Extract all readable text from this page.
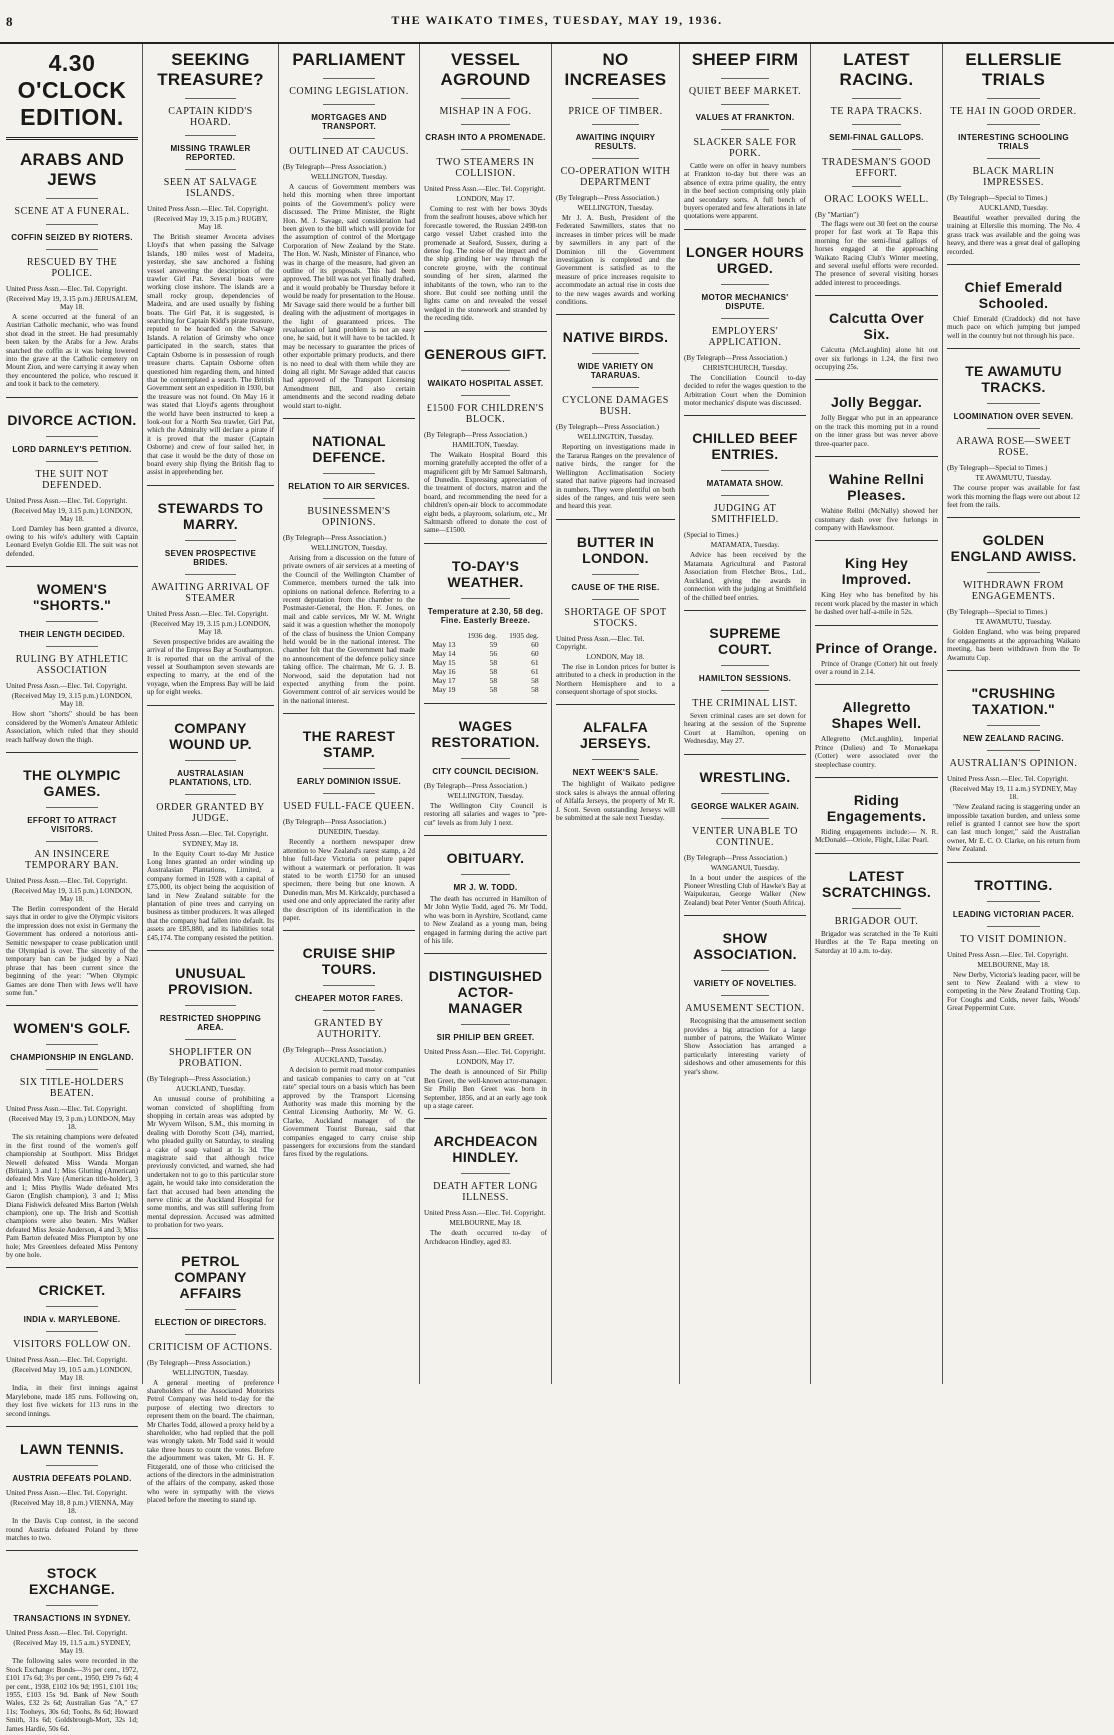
8	THE WAIKATO TIMES, TUESDAY, MAY 19, 1936.
4.30 O'CLOCK EDITION.
ARABS AND JEWS
SCENE AT A FUNERAL.
COFFIN SEIZED BY RIOTERS.
RESCUED BY THE POLICE.
United Press Assn.—Elec. Tel. Copyright.
(Received May 19, 3.15 p.m.) JERUSALEM, May 18.

A scene occurred at the funeral of an Austrian Catholic mechanic, who was found shot dead in the street. He had presumably been taken by the Arabs for a Jew. Arabs snatched the coffin as it was being lowered into the grave at the Catholic cemetery on Mount Zion, and were carrying it away when they encountered the police, who rescued it and took it back to the cemetery.

DIVORCE ACTION.
LORD DARNLEY'S PETITION.
THE SUIT NOT DEFENDED.
United Press Assn.—Elec. Tel. Copyright.
(Received May 19, 3.15 p.m.) LONDON, May 18.

Lord Darnley has been granted a divorce, owing to his wife's adultery with Captain Leonard Evelyn Goldie Ell. The suit was not defended.

WOMEN'S "SHORTS."
THEIR LENGTH DECIDED.
RULING BY ATHLETIC ASSOCIATION
United Press Assn.—Elec. Tel. Copyright.
(Received May 19, 3.15 p.m.) LONDON, May 18.

How short "shorts" should be has been considered by the Women's Amateur Athletic Association, which ruled that they should reach halfway down the thigh.

THE OLYMPIC GAMES.
EFFORT TO ATTRACT VISITORS.
AN INSINCERE TEMPORARY BAN.
United Press Assn.—Elec. Tel. Copyright.
(Received May 19, 3.15 p.m.) LONDON, May 18.

The Berlin correspondent of the Herald says that in order to give the Olympic visitors the impression does not exist in Germany the Government has ordered a notorious anti-Semitic newspaper to cease publication until the Olympiad is over. The sincerity of the temporary ban can be judged by a Nazi phrase that has been current since the beginning of the year: "When Olympic Games are done Then with Jews we'll have some fun."

WOMEN'S GOLF.
CHAMPIONSHIP IN ENGLAND.
SIX TITLE-HOLDERS BEATEN.
United Press Assn.—Elec. Tel. Copyright.
(Received May 19, 3 p.m.) LONDON, May 18.

The six retaining champions were defeated in the first round of the women's golf championship at Southport. Miss Bridget Newell defeated Miss Wanda Morgan (Britain), 3 and 1; Miss Glutting (American) defeated Mrs Vare (American title-holder), 3 and 1; Miss Phyllis Wade defeated Mrs Garon (English champion), 3 and 1; Miss Diana Fishwick defeated Miss Barton (Welsh champion), one up. The Irish and Scottish champions were also beaten. Mrs Walker defeated Miss Jessie Anderson, 4 and 3; Miss Pam Barton defeated Miss Plumpton by one hole; Mrs Greenlees defeated Miss Pentony by one hole.

CRICKET.
INDIA v. MARYLEBONE.
VISITORS FOLLOW ON.
United Press Assn.—Elec. Tel. Copyright.
(Received May 19, 10.5 a.m.) LONDON, May 18.

India, in their first innings against Marylebone, made 185 runs. Following on, they lost five wickets for 113 runs in the second innings.

LAWN TENNIS.
AUSTRIA DEFEATS POLAND.
United Press Assn.—Elec. Tel. Copyright.
(Received May 18, 8 p.m.) VIENNA, May 18.

In the Davis Cup contest, in the second round Austria defeated Poland by three matches to two.

STOCK EXCHANGE.
TRANSACTIONS IN SYDNEY.
United Press Assn.—Elec. Tel. Copyright.
(Received May 19, 11.5 a.m.) SYDNEY, May 19.

The following sales were recorded in the Stock Exchange: Bonds—3½ per cent., 1972, £101 17s 6d; 3½ per cent., 1950, £99 7s 6d; 4 per cent., 1938, £102 10s 9d; 1951, £101 10s; 1955, £103 15s 9d. Bank of New South Wales, £32 2s 6d; Australian Gas "A," £7 11s; Tooheys, 30s 6d; Toohs, 8s 6d; Howard Smith, 31s 6d; Goldsbrough-Mort, 32s 1d; James Hardie, 50s 6d.

SEEKING TREASURE?
CAPTAIN KIDD'S HOARD.
MISSING TRAWLER REPORTED.
SEEN AT SALVAGE ISLANDS.
United Press Assn.—Elec. Tel. Copyright.
(Received May 19, 3.15 p.m.) RUGBY, May 18.

The British steamer Avoceta advises Lloyd's that when passing the Salvage Islands, 180 miles west of Madeira, yesterday, she saw anchored a fishing vessel answering the description of the trawler Girl Pat. Several boats were working close inshore. The islands are a small rocky group, dependencies of Madeira, and are used usually by fishing boats. The Girl Pat, it is suggested, is searching for Captain Kidd's pirate treasure, reputed to be hoarded on the Salvage Islands. A relation of Grimsby who once participated in the search, states that Captain Osborne is in possession of rough treasure charts. Captain Osborne often questioned him regarding them, and hinted that he contemplated a search. The British Government sent an expedition in 1930, but the treasure was not found. On May 16 it was stated that Lloyd's agents throughout the world have been instructed to keep a look-out for a North Sea trawler, Girl Pat, which the Admiralty will declare a pirate if it is proved that the master (Captain Osborne) and crew of four sailed her, in that case it would be the duty of those on board every ship flying the British flag to assist in apprehending her.

STEWARDS TO MARRY.
SEVEN PROSPECTIVE BRIDES.
AWAITING ARRIVAL OF STEAMER
United Press Assn.—Elec. Tel. Copyright.
(Received May 19, 3.15 p.m.) LONDON, May 18.

Seven prospective brides are awaiting the arrival of the Empress Bay at Southampton. It is reported that on the arrival of the vessel at Southampton seven stewards are expecting to marry, at the end of the voyage, when the Empress Bay will be laid up for eight weeks.

COMPANY WOUND UP.
AUSTRALASIAN PLANTATIONS, LTD.
ORDER GRANTED BY JUDGE.
United Press Assn.—Elec. Tel. Copyright.
SYDNEY, May 18.

In the Equity Court to-day Mr Justice Long Innes granted an order winding up Australasian Plantations, Limited, a company formed in 1928 with a capital of £75,000, its object being the acquisition of land in New Zealand suitable for the plantation of pine trees and carrying on business as timber producers. It was alleged that the company had fallen into default. Its assets are £85,880, and its liabilities total £45,174. The company resisted the petition.

UNUSUAL PROVISION.
RESTRICTED SHOPPING AREA.
SHOPLIFTER ON PROBATION.
(By Telegraph—Press Association.)
AUCKLAND, Tuesday.

An unusual course of prohibiting a woman convicted of shoplifting from shopping in certain areas was adopted by Mr Wyvern Wilson, S.M., this morning in dealing with Dorothy Scott (34), married, who pleaded guilty on Saturday, to stealing a cake of soap valued at 1s 3d. The magistrate said that although twice previously convicted, and warned, she had undertaken not to go to this particular store again, he would take into consideration the fact that accused had been attending the nerve clinic at the Auckland Hospital for some months, and was still suffering from mental depression. Accused was admitted to probation for two years.

PETROL COMPANY AFFAIRS
ELECTION OF DIRECTORS.
CRITICISM OF ACTIONS.
(By Telegraph—Press Association.)
WELLINGTON, Tuesday.

A general meeting of preference shareholders of the Associated Motorists Petrol Company was held to-day for the purpose of electing two directors to represent them on the board. The chairman, Mr Charles Todd, allowed a proxy held by a shareholder, who had replied that the poll was wrongly taken. Mr Todd said it would take three hours to count the votes. Before the adjournment was taken, Mr G. H. F. Fitzgerald, one of those who criticised the actions of the directors in the administration of the affairs of the company, asked those who were in sympathy with the views placed before the meeting to stand up.

PARLIAMENT
COMING LEGISLATION.
MORTGAGES AND TRANSPORT.
OUTLINED AT CAUCUS.
(By Telegraph—Press Association.)
WELLINGTON, Tuesday.

A caucus of Government members was held this morning when three important points of the Government's policy were discussed. The Prime Minister, the Right Hon. M. J. Savage, said consideration had been given to the bill which will provide for the assumption of control of the Mortgage Corporation of New Zealand by the State. The Hon. W. Nash, Minister of Finance, who was in charge of the measure, had given an outline of its proposals. This had been approved. The bill was not yet finally drafted, and it would probably be Thursday before it would be ready for presentation to the House. Mr Savage said there would be a further bill dealing with the adjustment of mortgages in the light of guaranteed prices. The revaluation of land problem is not an easy one, he said, but it will have to be tackled. It may be necessary to guarantee the prices of other exportable primary products, and there is no need to deal with them while they are doing all right. Mr Savage added that caucus had approved of the Transport Licensing Amendment Bill, and also certain amendments and the second reading debate would start to-night.

NATIONAL DEFENCE.
RELATION TO AIR SERVICES.
BUSINESSMEN'S OPINIONS.
(By Telegraph—Press Association.)
WELLINGTON, Tuesday.

Arising from a discussion on the future of private owners of air services at a meeting of the Council of the Wellington Chamber of Commerce, members turned the talk into opinions on national defence. Referring to a recent deputation from the chamber to the Postmaster-General, the Hon. F. Jones, on mail and cable services, Mr W. M. Wright said it was a question whether the monopoly of the class of business the Union Company held would be in the national interest. The chamber felt that the Government had made no announcement of the defence policy since taking office. The chairman, Mr G. J. B. Norwood, said the deputation had not expected anything from the point. Government control of air services would be in the national interest.

THE RAREST STAMP.
EARLY DOMINION ISSUE.
USED FULL-FACE QUEEN.
(By Telegraph—Press Association.)
DUNEDIN, Tuesday.

Recently a northern newspaper drew attention to New Zealand's rarest stamp, a 2d blue full-face Victoria on pelure paper without a watermark or perforation. It was stated to be worth £1750 for an unused specimen, there being but one known. A Dunedin man, Mrs M. Kirkcaldy, purchased a used one and only appreciated the rarity after the description of its identification in the paper.

CRUISE SHIP TOURS.
CHEAPER MOTOR FARES.
GRANTED BY AUTHORITY.
(By Telegraph—Press Association.)
AUCKLAND, Tuesday.

A decision to permit road motor companies and taxicab companies to carry on at "cut rate" special tours on a basis which has been approved by the Transport Licensing Authority was made this morning by the Central Licensing Authority, Mr W. G. Clarke, Auckland manager of the Government Tourist Bureau, said that companies engaged to carry cruise ship passengers for excursions from the standard fares fixed by the regulations.

VESSEL AGROUND
MISHAP IN A FOG.
CRASH INTO A PROMENADE.
TWO STEAMERS IN COLLISION.
United Press Assn.—Elec. Tel. Copyright.
LONDON, May 17.

Coming to rest with her bows 30yds from the seafront houses, above which her forecastle towered, the Russian 2498-ton cargo vessel Uzbet crashed into the promenade at Seaford, Sussex, during a dense fog. The noise of the impact and of the ship grinding her way through the concrete groyne, with the continual sounding of her siren, alarmed the inhabitants of the town, who ran to the shore. But could see nothing until the lights came on and revealed the vessel wedged in the stonework and stranded by the receding tide.

GENEROUS GIFT.
WAIKATO HOSPITAL ASSET.
£1500 FOR CHILDREN'S BLOCK.
(By Telegraph—Press Association.)
HAMILTON, Tuesday.

The Waikato Hospital Board this morning gratefully accepted the offer of a magnificent gift by Mr Samuel Saltmarsh, of Dunedin. Expressing appreciation of the treatment of doctors, matron and the board, and recommending the need for a children's open-air block to accommodate eight beds, a playroom, solarium, etc., Mr Saltmarsh offered to donate the cost of same—£1500.

TO-DAY'S WEATHER.
Temperature at 2.30, 58 deg. Fine. Easterly Breeze.
	1936 deg.	1935 deg.
May 13	59	60
May 14	56	60
May 15	58	61
May 16	58	61
May 17	58	58
May 19	58	58
WAGES RESTORATION.
CITY COUNCIL DECISION.
(By Telegraph—Press Association.)
WELLINGTON, Tuesday.

The Wellington City Council is restoring all salaries and wages to "pre-cut" levels as from July 1 next.

OBITUARY.
MR J. W. TODD.

The death has occurred in Hamilton of Mr John Wylie Todd, aged 76. Mr Todd, who was born in Ayrshire, Scotland, came to New Zealand as a young man, being engaged in farming during the active part of his life.

DISTINGUISHED ACTOR-MANAGER
SIR PHILIP BEN GREET.
United Press Assn.—Elec. Tel. Copyright.
LONDON, May 17.

The death is announced of Sir Philip Ben Greet, the well-known actor-manager. Sir Philip Ben Greet was born in September, 1856, and at an early age took up a stage career.

ARCHDEACON HINDLEY.
DEATH AFTER LONG ILLNESS.
United Press Assn.—Elec. Tel. Copyright.
MELBOURNE, May 18.

The death occurred to-day of Archdeacon Hindley, aged 83.

NO INCREASES
PRICE OF TIMBER.
AWAITING INQUIRY RESULTS.
CO-OPERATION WITH DEPARTMENT
(By Telegraph—Press Association.)
WELLINGTON, Tuesday.

Mr J. A. Bush, President of the Federated Sawmillers, states that no increases in timber prices will be made by sawmillers in any part of the Dominion till the Government investigation is completed and the Government is satisfied as to the measure of price increases requisite to accommodate an actual rise in costs due to the new wages awards and working conditions.

NATIVE BIRDS.
WIDE VARIETY ON TARARUAS.
CYCLONE DAMAGES BUSH.
(By Telegraph—Press Association.)
WELLINGTON, Tuesday.

Reporting on investigations made in the Tararua Ranges on the prevalence of native birds, the ranger for the Wellington Acclimatisation Society stated that native pigeons had increased in numbers. They were plentiful on both sides of the ranges, and tuis were seen and heard this year.

BUTTER IN LONDON.
CAUSE OF THE RISE.
SHORTAGE OF SPOT STOCKS.
United Press Assn.—Elec. Tel. Copyright.
LONDON, May 18.

The rise in London prices for butter is attributed to a check in production in the Northern Hemisphere and to a consequent shortage of spot stocks.

ALFALFA JERSEYS.
NEXT WEEK'S SALE.

The highlight of Waikato pedigree stock sales is always the annual offering of Alfalfa Jerseys, the property of Mr R. J. Scott. Seven outstanding Jerseys will be submitted at the sale next Tuesday.

SHEEP FIRM
QUIET BEEF MARKET.
VALUES AT FRANKTON.
SLACKER SALE FOR PORK.

Cattle were on offer in heavy numbers at Frankton to-day but there was an absence of extra prime quality, the entry in the beef section comprising only plain and secondary sorts. A full bench of buyers operated and few alterations in late quotations were apparent.

LONGER HOURS URGED.
MOTOR MECHANICS' DISPUTE.
EMPLOYERS' APPLICATION.
(By Telegraph—Press Association.)
CHRISTCHURCH, Tuesday.

The Conciliation Council to-day decided to refer the wages question to the Arbitration Court when the Dominion motor mechanics' dispute was discussed.

CHILLED BEEF ENTRIES.
MATAMATA SHOW.
JUDGING AT SMITHFIELD.
(Special to Times.)
MATAMATA, Tuesday.

Advice has been received by the Matamata Agricultural and Pastoral Association from Fletcher Bros., Ltd., Auckland, giving the awards in connection with the judging at Smithfield of the chilled beef entries.

SUPREME COURT.
HAMILTON SESSIONS.
THE CRIMINAL LIST.

Seven criminal cases are set down for hearing at the session of the Supreme Court at Hamilton, opening on Wednesday, May 27.

WRESTLING.
GEORGE WALKER AGAIN.
VENTER UNABLE TO CONTINUE.
(By Telegraph—Press Association.)
WANGANUI, Tuesday.

In a bout under the auspices of the Pioneer Wrestling Club of Hawke's Bay at Waipukurau, George Walker (New Zealand) beat Peter Venter (South Africa).

SHOW ASSOCIATION.
VARIETY OF NOVELTIES.
AMUSEMENT SECTION.

Recognising that the amusement section provides a big attraction for a large number of patrons, the Waikato Winter Show Association has arranged a particularly interesting variety of sideshows and other amusements for this year's show.

LATEST RACING.
TE RAPA TRACKS.
SEMI-FINAL GALLOPS.
TRADESMAN'S GOOD EFFORT.
ORAC LOOKS WELL.
(By "Martian")

The flags were out 30 feet on the course proper for fast work at Te Rapa this morning for the semi-final gallops of horses engaged at the approaching Waikato Racing Club's Winter meeting, and several useful efforts were recorded. The presence of several visiting horses added interest to proceedings.

Calcutta Over Six.

Calcutta (McLaughlin) alone hit out over six furlongs in 1.24, the first two occupying 25s.

Jolly Beggar.

Jolly Beggar who put in an appearance on the track this morning put in a round on the inner grass but was never above three-quarter pace.

Wahine Rellni Pleases.

Wahine Rellni (McNally) showed her customary dash over five furlongs in company with Hawksmoor.

King Hey Improved.

King Hey who has benefited by his recent work placed by the master in which he dashed over half-a-mile in 52s.

Prince of Orange.

Prince of Orange (Cotter) hit out freely over a round in 2.14.

Allegretto Shapes Well.

Allegretto (McLaughlin), Imperial Prince (Dulieu) and Te Monaekapa (Cotter) were associated over the steeplechase country.

Riding Engagements.

Riding engagements include:— N. R. McDonald—Oriole, Flight, Lilac Pearl.

LATEST SCRATCHINGS.
BRIGADOR OUT.

Brigador was scratched in the Te Kuiti Hurdles at the Te Rapa meeting on Saturday at 10 a.m. to-day.

ELLERSLIE TRIALS
TE HAI IN GOOD ORDER.
INTERESTING SCHOOLING TRIALS
BLACK MARLIN IMPRESSES.
(By Telegraph—Special to Times.)
AUCKLAND, Tuesday.

Beautiful weather prevailed during the training at Ellerslie this morning. The No. 4 grass track was available and the going was heavy, and there was a great deal of galloping recorded.

Chief Emerald Schooled.

Chief Emerald (Craddock) did not have much pace on which jumping but jumped well in the country but not through his pace.

TE AWAMUTU TRACKS.
LOOMINATION OVER SEVEN.
ARAWA ROSE—SWEET ROSE.
(By Telegraph—Special to Times.)
TE AWAMUTU, Tuesday.

The course proper was available for fast work this morning the flags were out about 12 feet from the rails.

GOLDEN ENGLAND AWISS.
WITHDRAWN FROM ENGAGEMENTS.
(By Telegraph—Special to Times.)
TE AWAMUTU, Tuesday.

Golden England, who was being prepared for engagements at the approaching Waikato meeting, has been withdrawn from the Te Awamutu Cup.

"CRUSHING TAXATION."
NEW ZEALAND RACING.
AUSTRALIAN'S OPINION.
United Press Assn.—Elec. Tel. Copyright.
(Received May 19, 11 a.m.) SYDNEY, May 18.

"New Zealand racing is staggering under an impossible taxation burden, and unless some relief is granted I cannot see how the sport can last much longer," said the Australian owner, Mr E. C. O. Clarke, on his return from New Zealand.

TROTTING.
LEADING VICTORIAN PACER.
TO VISIT DOMINION.
United Press Assn.—Elec. Tel. Copyright.
MELBOURNE, May 18.

New Derby, Victoria's leading pacer, will be sent to New Zealand with a view to competing in the New Zealand Trotting Cup. For Coughs and Colds, never fails, Woods' Great Peppermint Cure.
